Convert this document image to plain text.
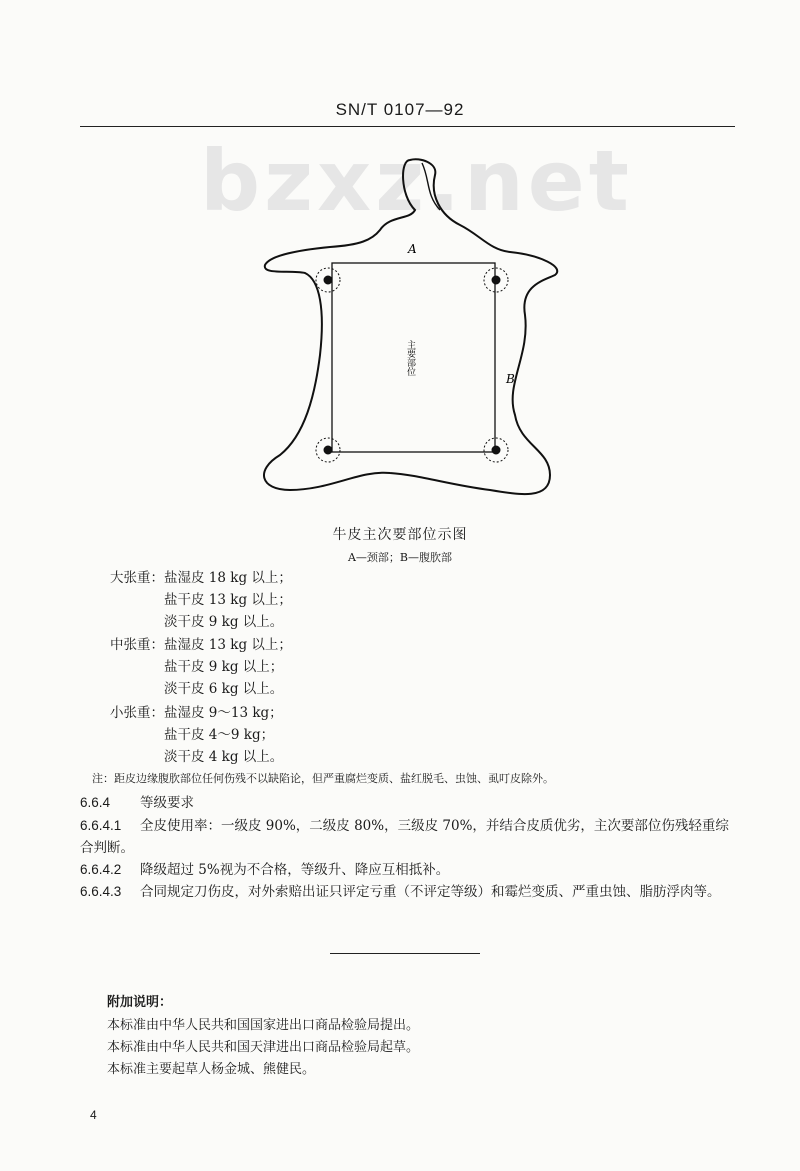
SN/T 0107—92
bzxz.net
A
B
主要部位
牛皮主次要部位示图
A—颈部；B—腹肷部
大张重： 盐湿皮 18 kg 以上；
盐干皮 13 kg 以上；
淡干皮 9 kg 以上。
中张重： 盐湿皮 13 kg 以上；
盐干皮 9 kg 以上；
淡干皮 6 kg 以上。
小张重： 盐湿皮 9～13 kg；
盐干皮 4～9 kg；
淡干皮 4 kg 以上。
注：距皮边缘腹肷部位任何伤残不以缺陷论，但严重腐烂变质、盐红脱毛、虫蚀、虱叮皮除外。
6.6.4 等级要求
6.6.4.1 全皮使用率：一级皮 90%，二级皮 80%，三级皮 70%，并结合皮质优劣，主次要部位伤残轻重综合判断。
6.6.4.2 降级超过 5%视为不合格，等级升、降应互相抵补。
6.6.4.3 合同规定刀伤皮，对外索赔出证只评定亏重（不评定等级）和霉烂变质、严重虫蚀、脂肪浮肉等。
附加说明：
本标准由中华人民共和国国家进出口商品检验局提出。
本标准由中华人民共和国天津进出口商品检验局起草。
本标准主要起草人杨金城、熊健民。
4
